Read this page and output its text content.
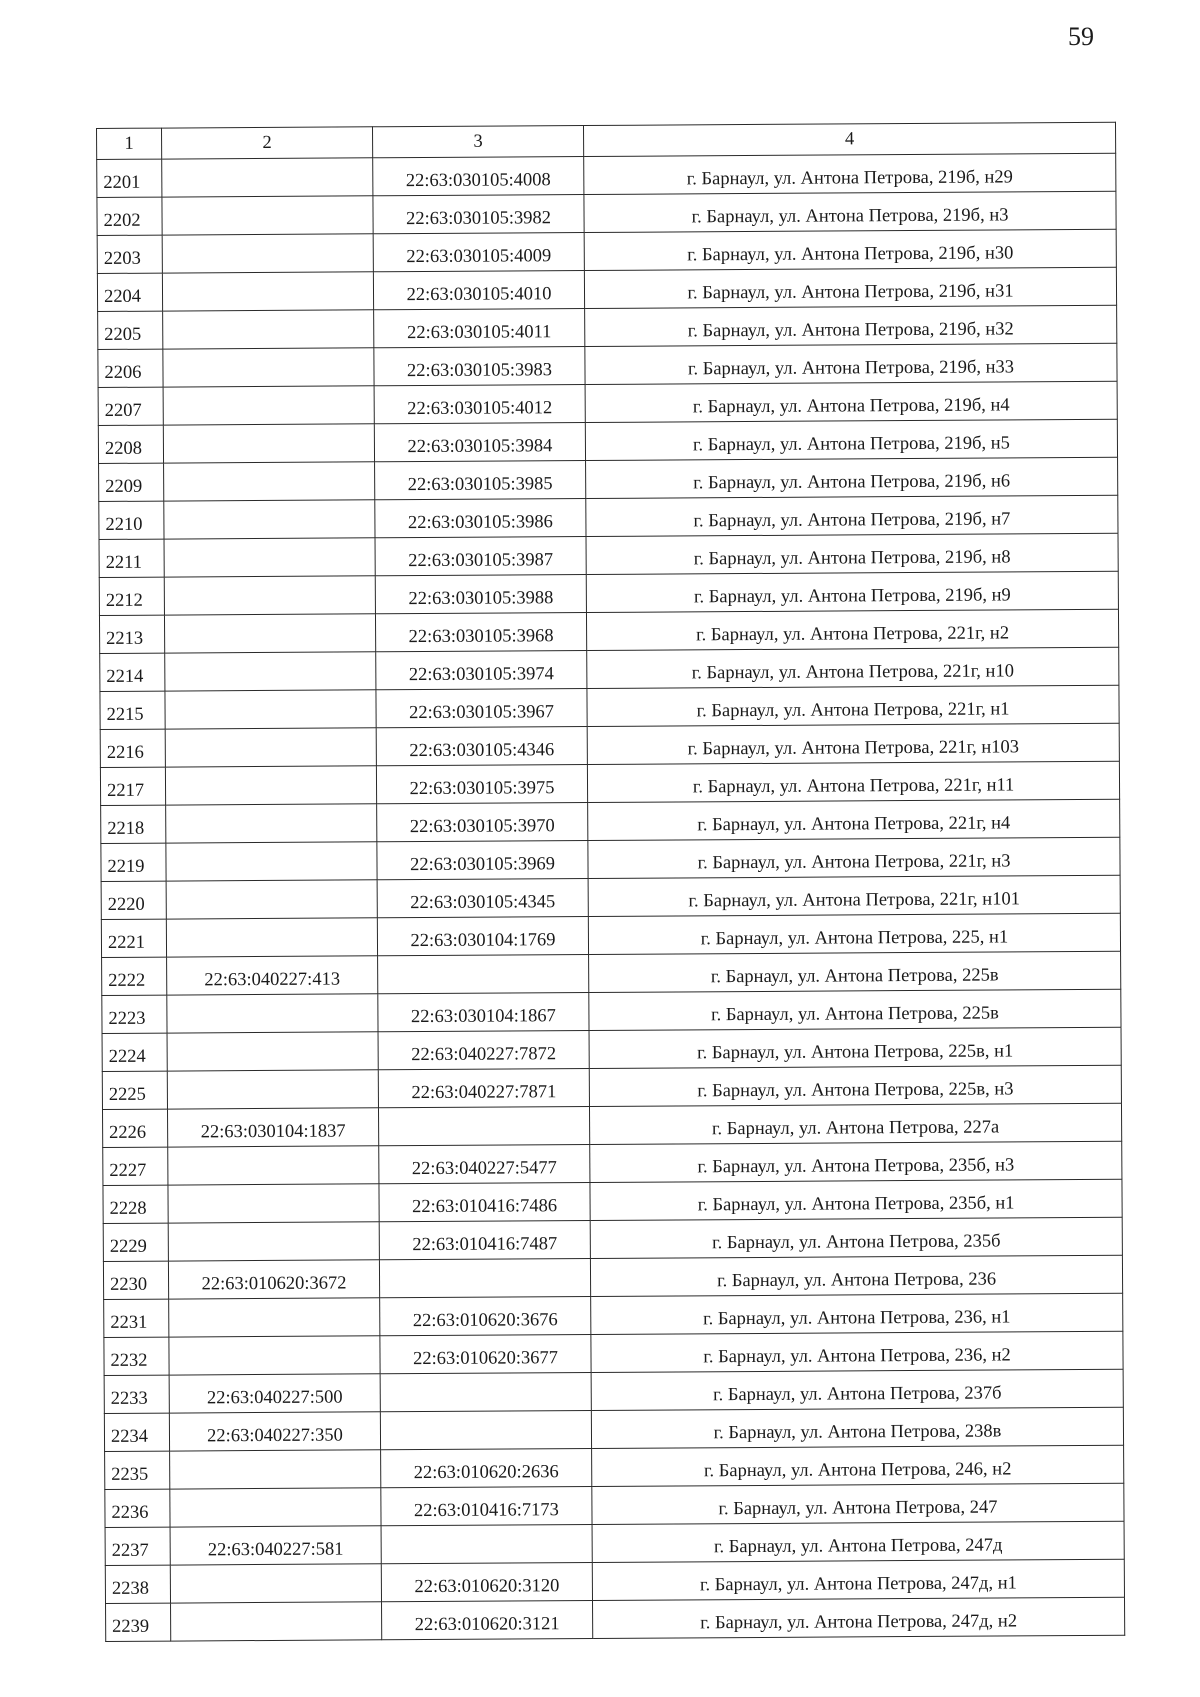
59
1	2	3	4
2201		22:63:030105:4008	г. Барнаул, ул. Антона Петрова, 219б, н29
2202		22:63:030105:3982	г. Барнаул, ул. Антона Петрова, 219б, н3
2203		22:63:030105:4009	г. Барнаул, ул. Антона Петрова, 219б, н30
2204		22:63:030105:4010	г. Барнаул, ул. Антона Петрова, 219б, н31
2205		22:63:030105:4011	г. Барнаул, ул. Антона Петрова, 219б, н32
2206		22:63:030105:3983	г. Барнаул, ул. Антона Петрова, 219б, н33
2207		22:63:030105:4012	г. Барнаул, ул. Антона Петрова, 219б, н4
2208		22:63:030105:3984	г. Барнаул, ул. Антона Петрова, 219б, н5
2209		22:63:030105:3985	г. Барнаул, ул. Антона Петрова, 219б, н6
2210		22:63:030105:3986	г. Барнаул, ул. Антона Петрова, 219б, н7
2211		22:63:030105:3987	г. Барнаул, ул. Антона Петрова, 219б, н8
2212		22:63:030105:3988	г. Барнаул, ул. Антона Петрова, 219б, н9
2213		22:63:030105:3968	г. Барнаул, ул. Антона Петрова, 221г, н2
2214		22:63:030105:3974	г. Барнаул, ул. Антона Петрова, 221г, н10
2215		22:63:030105:3967	г. Барнаул, ул. Антона Петрова, 221г, н1
2216		22:63:030105:4346	г. Барнаул, ул. Антона Петрова, 221г, н103
2217		22:63:030105:3975	г. Барнаул, ул. Антона Петрова, 221г, н11
2218		22:63:030105:3970	г. Барнаул, ул. Антона Петрова, 221г, н4
2219		22:63:030105:3969	г. Барнаул, ул. Антона Петрова, 221г, н3
2220		22:63:030105:4345	г. Барнаул, ул. Антона Петрова, 221г, н101
2221		22:63:030104:1769	г. Барнаул, ул. Антона Петрова, 225, н1
2222	22:63:040227:413		г. Барнаул, ул. Антона Петрова, 225в
2223		22:63:030104:1867	г. Барнаул, ул. Антона Петрова, 225в
2224		22:63:040227:7872	г. Барнаул, ул. Антона Петрова, 225в, н1
2225		22:63:040227:7871	г. Барнаул, ул. Антона Петрова, 225в, н3
2226	22:63:030104:1837		г. Барнаул, ул. Антона Петрова, 227а
2227		22:63:040227:5477	г. Барнаул, ул. Антона Петрова, 235б, н3
2228		22:63:010416:7486	г. Барнаул, ул. Антона Петрова, 235б, н1
2229		22:63:010416:7487	г. Барнаул, ул. Антона Петрова, 235б
2230	22:63:010620:3672		г. Барнаул, ул. Антона Петрова, 236
2231		22:63:010620:3676	г. Барнаул, ул. Антона Петрова, 236, н1
2232		22:63:010620:3677	г. Барнаул, ул. Антона Петрова, 236, н2
2233	22:63:040227:500		г. Барнаул, ул. Антона Петрова, 237б
2234	22:63:040227:350		г. Барнаул, ул. Антона Петрова, 238в
2235		22:63:010620:2636	г. Барнаул, ул. Антона Петрова, 246, н2
2236		22:63:010416:7173	г. Барнаул, ул. Антона Петрова, 247
2237	22:63:040227:581		г. Барнаул, ул. Антона Петрова, 247д
2238		22:63:010620:3120	г. Барнаул, ул. Антона Петрова, 247д, н1
2239		22:63:010620:3121	г. Барнаул, ул. Антона Петрова, 247д, н2
